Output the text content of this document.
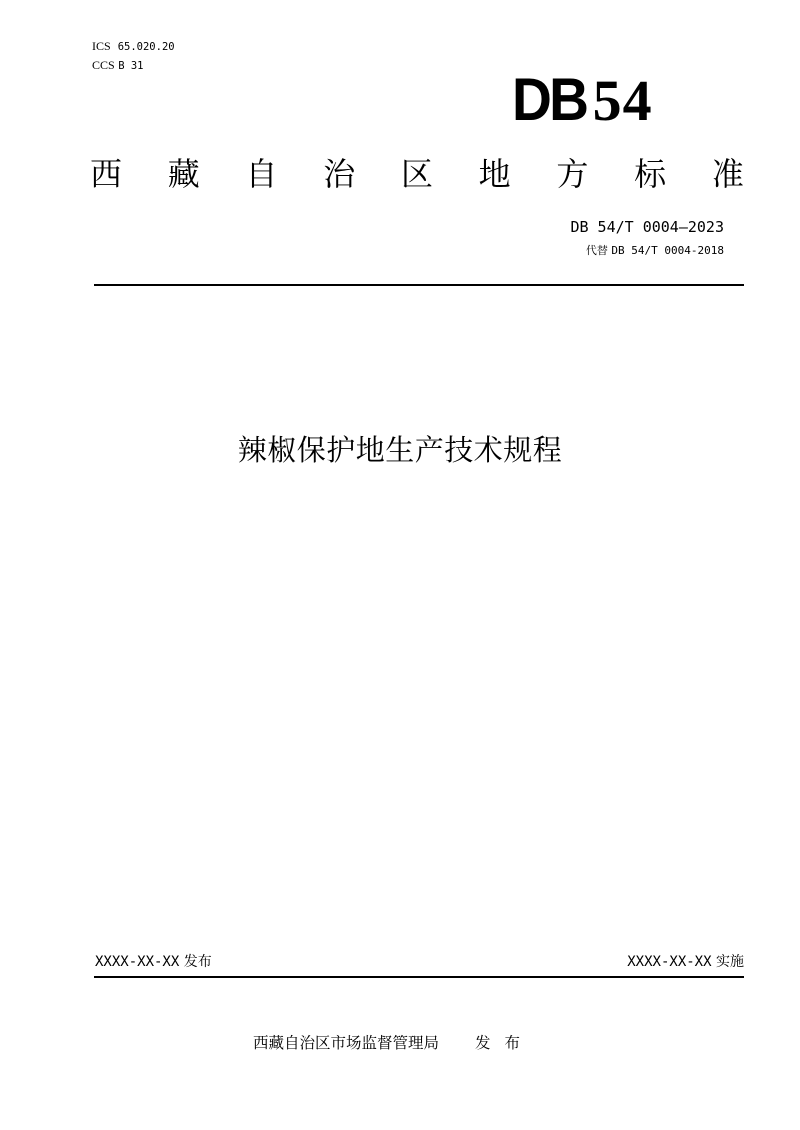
ICS 65.020.20
CCS B 31	DB 54
西 藏 自 治 区 地 方 标 准
DB 54/T 0004—2023
代替 DB 54/T 0004-2018
辣椒保护地生产技术规程
XXXX-XX-XX 发布	XXXX-XX-XX 实施
西藏自治区市场监督管理局 发布
